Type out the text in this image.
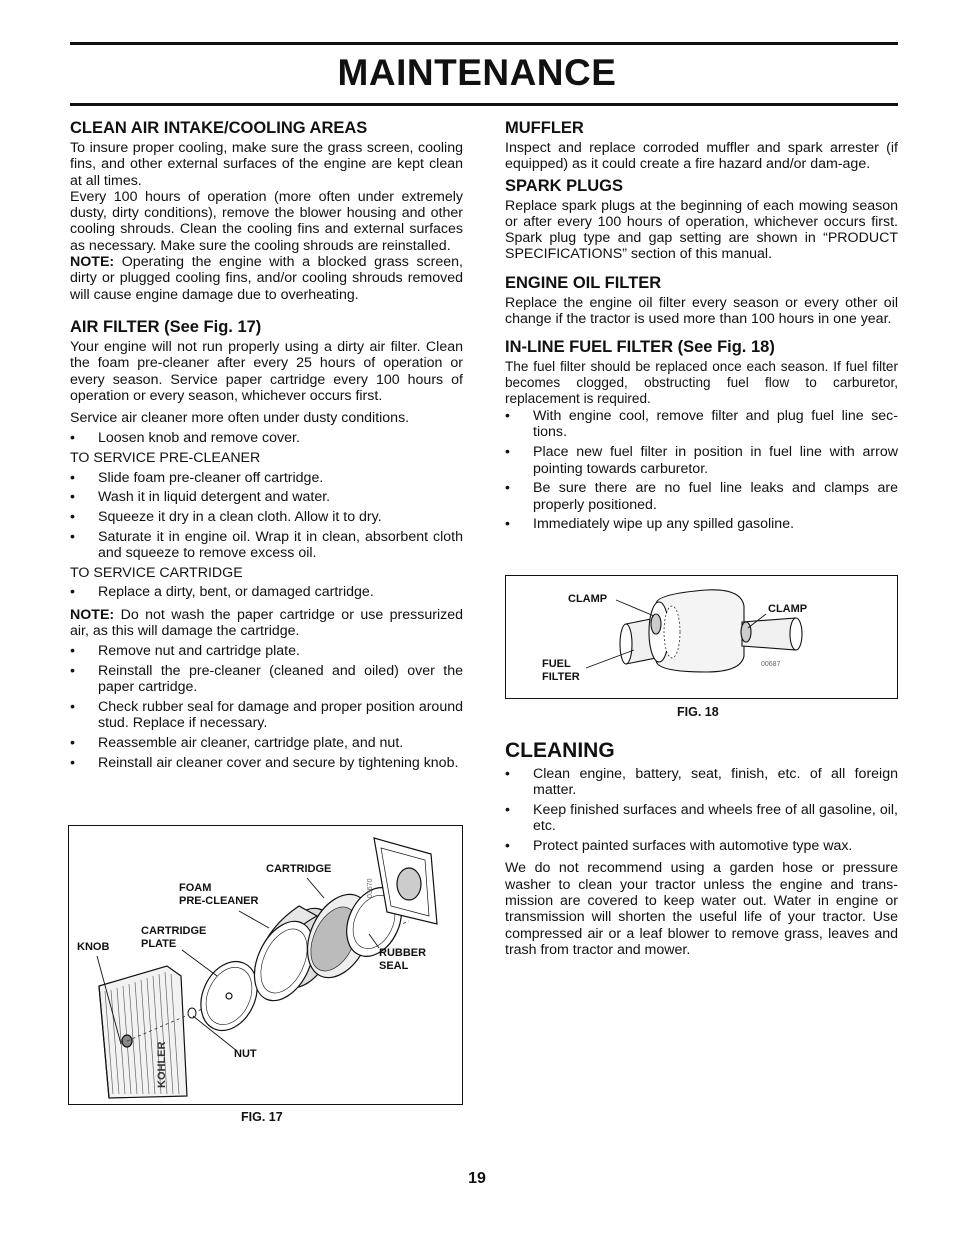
MAINTENANCE
CLEAN AIR INTAKE/COOLING AREAS

To insure proper cooling, make sure the grass screen, cooling fins, and other external surfaces of the engine are kept clean at all times.

Every 100 hours of operation (more often under extremely dusty, dirty conditions), remove the blower housing and other cooling shrouds. Clean the cooling fins and external surfaces as necessary. Make sure the cooling shrouds are reinstalled.

NOTE: Operating the engine with a blocked grass screen, dirty or plugged cooling fins, and/or cooling shrouds removed will cause engine damage due to overheating.

AIR FILTER (See Fig. 17)

Your engine will not run properly using a dirty air filter. Clean the foam pre-cleaner after every 25 hours of operation or every season. Service paper cartridge every 100 hours of operation or every season, whichever occurs first.

Service air cleaner more often under dusty conditions.

• Loosen knob and remove cover.
TO SERVICE PRE-CLEANER
• Slide foam pre-cleaner off cartridge.
• Wash it in liquid detergent and water.
• Squeeze it dry in a clean cloth. Allow it to dry.
• Saturate it in engine oil. Wrap it in clean, absorbent cloth and squeeze to remove excess oil.
TO SERVICE CARTRIDGE
• Replace a dirty, bent, or damaged cartridge.

NOTE: Do not wash the paper cartridge or use pressurized air, as this will damage the cartridge.

• Remove nut and cartridge plate.
• Reinstall the pre-cleaner (cleaned and oiled) over the paper cartridge.
• Check rubber seal for damage and proper position around stud. Replace if necessary.
• Reassemble air cleaner, cartridge plate, and nut.
• Reinstall air cleaner cover and secure by tightening knob.
KOHLER
03670
CARTRIDGE
FOAM
PRE-CLEANER
CARTRIDGE
PLATE
KNOB	RUBBER
SEAL
NUT
FIG. 17
MUFFLER

Inspect and replace corroded muffler and spark arrester (if equipped) as it could create a fire hazard and/or dam-age.

SPARK PLUGS

Replace spark plugs at the beginning of each mowing season or after every 100 hours of operation, whichever occurs first. Spark plug type and gap setting are shown in “PRODUCT SPECIFICATIONS” section of this manual.

ENGINE OIL FILTER

Replace the engine oil filter every season or every other oil change if the tractor is used more than 100 hours in one year.

IN-LINE FUEL FILTER (See Fig. 18)

The fuel filter should be replaced once each season. If fuel filter becomes clogged, obstructing fuel flow to carburetor, replacement is required.

• With engine cool, remove filter and plug fuel line sec-tions.
• Place new fuel filter in position in fuel line with arrow pointing towards carburetor.
• Be sure there are no fuel line leaks and clamps are properly positioned.
• Immediately wipe up any spilled gasoline.
00687
CLAMP
CLAMP
FUEL
FILTER
FIG. 18
CLEANING
• Clean engine, battery, seat, finish, etc. of all foreign matter.
• Keep finished surfaces and wheels free of all gasoline, oil, etc.
• Protect painted surfaces with automotive type wax.

We do not recommend using a garden hose or pressure washer to clean your tractor unless the engine and trans-mission are covered to keep water out. Water in engine or transmission will shorten the useful life of your tractor. Use compressed air or a leaf blower to remove grass, leaves and trash from tractor and mower.

19
